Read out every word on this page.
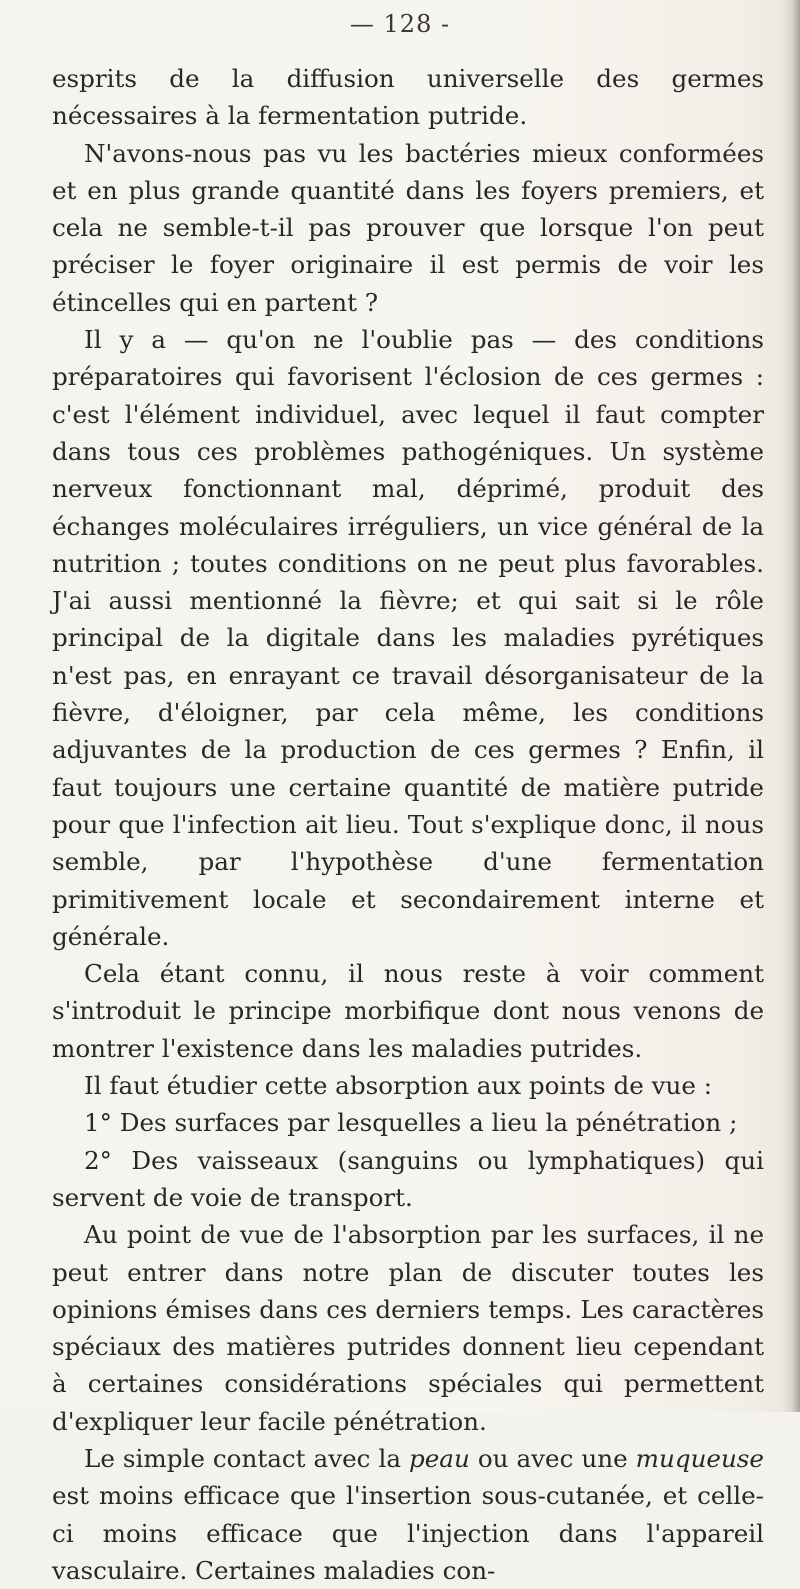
— 128 -

esprits de la diffusion universelle des germes nécessaires à la fermentation putride.

N'avons-nous pas vu les bactéries mieux conformées et en plus grande quantité dans les foyers premiers, et cela ne semble-t-il pas prouver que lorsque l'on peut préciser le foyer originaire il est permis de voir les étincelles qui en partent ?

Il y a — qu'on ne l'oublie pas — des conditions préparatoires qui favorisent l'éclosion de ces germes : c'est l'élément individuel, avec lequel il faut compter dans tous ces problèmes pathogéniques. Un système nerveux fonctionnant mal, déprimé, produit des échanges moléculaires irréguliers, un vice général de la nutrition ; toutes conditions on ne peut plus favorables. J'ai aussi mentionné la fièvre; et qui sait si le rôle principal de la digitale dans les maladies pyrétiques n'est pas, en enrayant ce travail désorganisateur de la fièvre, d'éloigner, par cela même, les conditions adjuvantes de la production de ces germes ? Enfin, il faut toujours une certaine quantité de matière putride pour que l'infection ait lieu. Tout s'explique donc, il nous semble, par l'hypothèse d'une fermentation primitivement locale et secondairement interne et générale.

Cela étant connu, il nous reste à voir comment s'introduit le principe morbifique dont nous venons de montrer l'existence dans les maladies putrides.

Il faut étudier cette absorption aux points de vue :

1° Des surfaces par lesquelles a lieu la pénétration ;

2° Des vaisseaux (sanguins ou lymphatiques) qui servent de voie de transport.

Au point de vue de l'absorption par les surfaces, il ne peut entrer dans notre plan de discuter toutes les opinions émises dans ces derniers temps. Les caractères spéciaux des matières putrides donnent lieu cependant à certaines considérations spéciales qui permettent d'expliquer leur facile pénétration.

Le simple contact avec la peau ou avec une muqueuse est moins efficace que l'insertion sous-cutanée, et celle-ci moins efficace que l'injection dans l'appareil vasculaire. Certaines maladies con-
